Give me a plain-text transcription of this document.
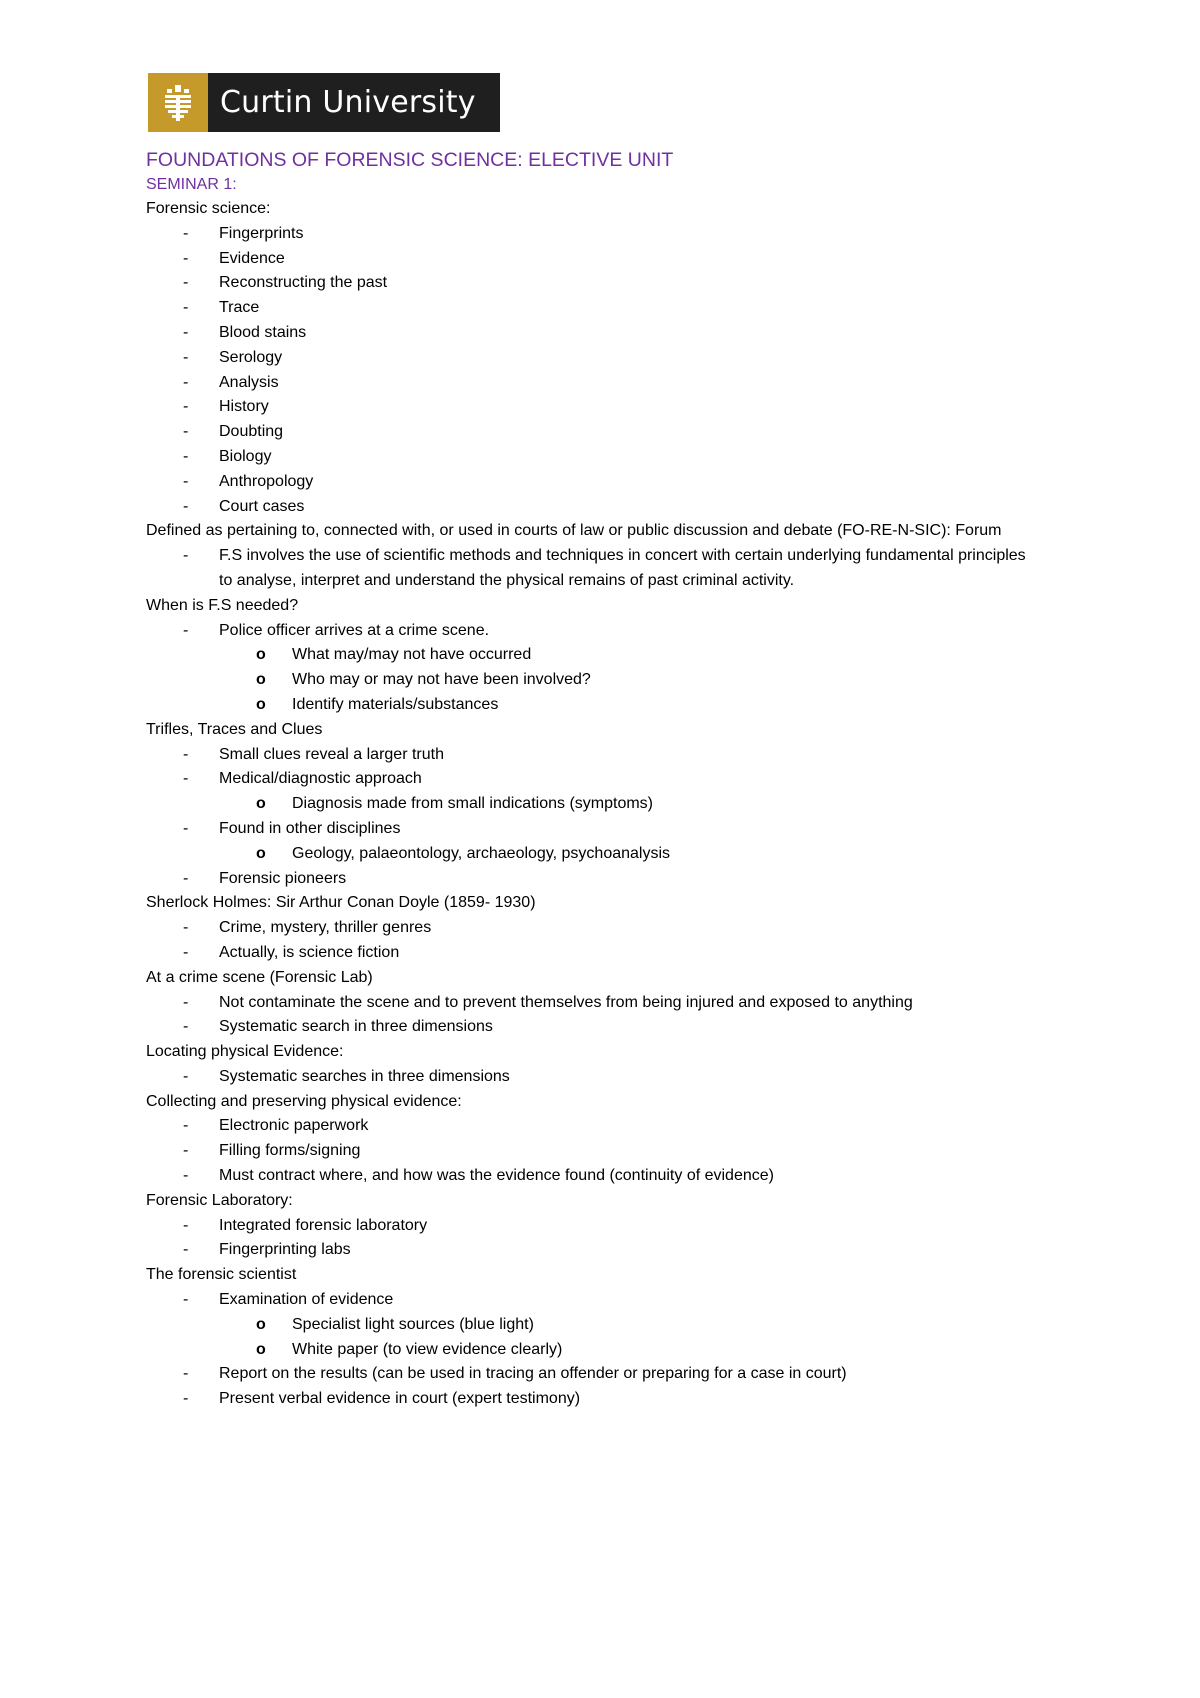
Curtin University
FOUNDATIONS OF FORENSIC SCIENCE: ELECTIVE UNIT
SEMINAR 1:
Forensic science:
- Fingerprints
- Evidence
- Reconstructing the past
- Trace
- Blood stains
- Serology
- Analysis
- History
- Doubting
- Biology
- Anthropology
- Court cases
Defined as pertaining to, connected with, or used in courts of law or public discussion and debate (FO-RE-N-SIC): Forum
- F.S involves the use of scientific methods and techniques in concert with certain underlying fundamental principles to analyse, interpret and understand the physical remains of past criminal activity.
When is F.S needed?
- Police officer arrives at a crime scene.
o What may/may not have occurred
o Who may or may not have been involved?
o Identify materials/substances
Trifles, Traces and Clues
- Small clues reveal a larger truth
- Medical/diagnostic approach
o Diagnosis made from small indications (symptoms)
- Found in other disciplines
o Geology, palaeontology, archaeology, psychoanalysis
- Forensic pioneers
Sherlock Holmes: Sir Arthur Conan Doyle (1859- 1930)
- Crime, mystery, thriller genres
- Actually, is science fiction
At a crime scene (Forensic Lab)
- Not contaminate the scene and to prevent themselves from being injured and exposed to anything
- Systematic search in three dimensions
Locating physical Evidence:
- Systematic searches in three dimensions
Collecting and preserving physical evidence:
- Electronic paperwork
- Filling forms/signing
- Must contract where, and how was the evidence found (continuity of evidence)
Forensic Laboratory:
- Integrated forensic laboratory
- Fingerprinting labs
The forensic scientist
- Examination of evidence
o Specialist light sources (blue light)
o White paper (to view evidence clearly)
- Report on the results (can be used in tracing an offender or preparing for a case in court)
- Present verbal evidence in court (expert testimony)
